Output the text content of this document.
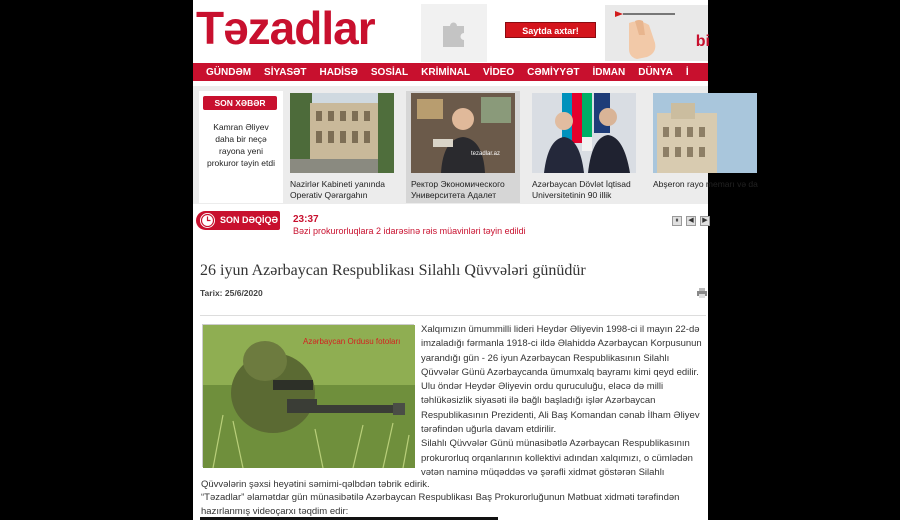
Təzadlar	Saytda axtar!
bi
GÜNDƏM SİYASƏT HADİSƏ SOSİAL KRİMİNAL VİDEO CƏMİYYƏT İDMAN DÜNYA İ
SON XƏBƏR
Kamran Əliyev daha bir neçə rayona yeni prokuror təyin etdi
Nazirlər Kabineti yanında Operativ Qərargahın
tezadlar.az
Ректор Экономического Университета Адалет
Azərbaycan Dövlət İqtisad Universitetinin 90 illik
Abşeron rayo memarı və da
SON DƏQİQƏ 23:37
Bəzi prokurorluqlara 2 idarəsinə rəis müavinləri təyin edildi
⏸	◀	▶
26 iyun Azərbaycan Respublikası Silahlı Qüvvələri günüdür
Tarix: 25/6/2020
Azərbaycan Ordusu fotoları
Xalqımızın ümummilli lideri Heydər Əliyevin 1998-ci il mayın 22-də imzaladığı fərmanla 1918-ci ildə Əlahiddə Azərbaycan Korpusunun yarandığı gün - 26 iyun Azərbaycan Respublikasının Silahlı Qüvvələr Günü Azərbaycanda ümumxalq bayramı kimi qeyd edilir. Ulu öndər Heydər Əliyevin ordu quruculuğu, eləcə də milli təhlükəsizlik siyasəti ilə bağlı başladığı işlər Azərbaycan Respublikasının Prezidenti, Ali Baş Komandan cənab İlham Əliyev tərəfindən uğurla davam etdirilir.
Silahlı Qüvvələr Günü münasibətlə Azərbaycan Respublikasının prokurorluq orqanlarının kollektivi adından xalqımızı, o cümlədən vətən naminə müqəddəs və şərəfli xidmət göstərən Silahlı
Qüvvələrin şəxsi heyətini səmimi-qəlbdən təbrik edirik.
“Təzadlar” əlamətdar gün münasibətilə Azərbaycan Respublikası Baş Prokurorluğunun Mətbuat xidməti tərəfindən hazırlanmış videoçarxı təqdim edir:
